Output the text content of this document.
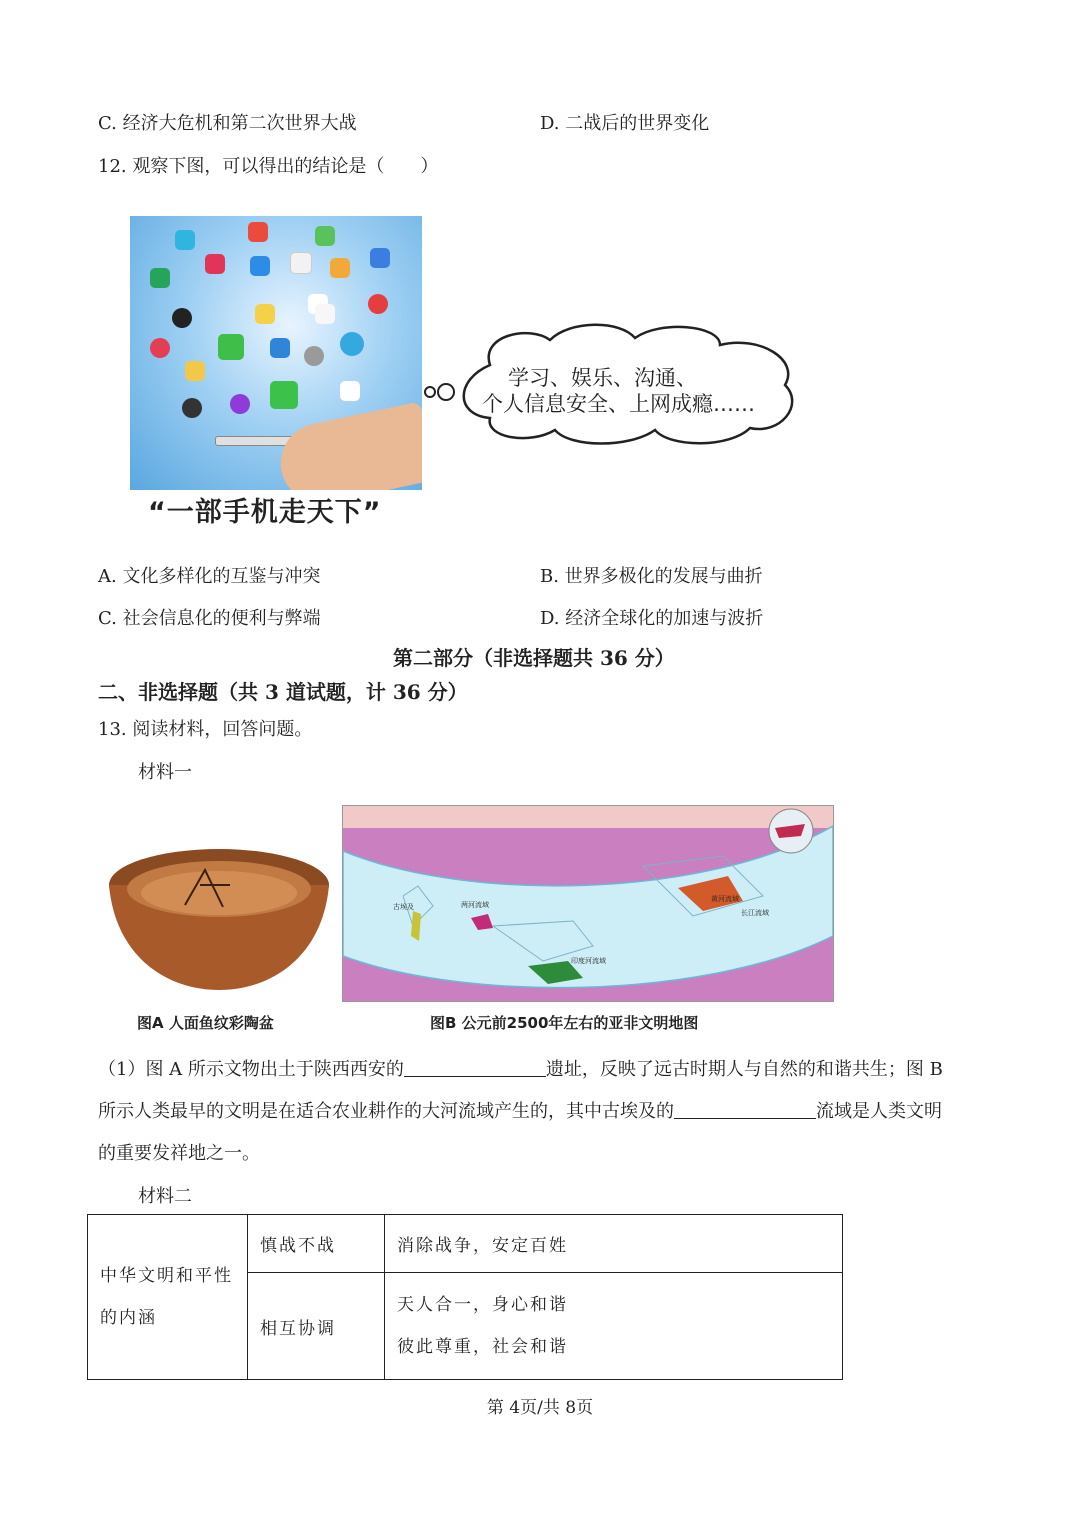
C. 经济大危机和第二次世界大战	D. 二战后的世界变化
12. 观察下图，可以得出的结论是（　　）
学习、娱乐、沟通、
个人信息安全、上网成瘾……
“一部手机走天下”
A. 文化多样化的互鉴与冲突	B. 世界多极化的发展与曲折
C. 社会信息化的便利与弊端	D. 经济全球化的加速与波折
第二部分（非选择题共 36 分）
二、非选择题（共 3 道试题，计 36 分）
13. 阅读材料，回答问题。
材料一
古埃及	两河流域
印度河流域
黄河流域
长江流域
图A 人面鱼纹彩陶盆	图B 公元前2500年左右的亚非文明地图
（1）图 A 所示文物出土于陕西西安的	遗址，反映了远古时期人与自然的和谐共生；图 B
所示人类最早的文明是在适合农业耕作的大河流域产生的，其中古埃及的	流域是人类文明
的重要发祥地之一。
材料二
中华文明和平性
的内涵	慎战不战	消除战争，安定百姓
	相互协调	天人合一，身心和谐
彼此尊重，社会和谐
第 4页/共 8页
